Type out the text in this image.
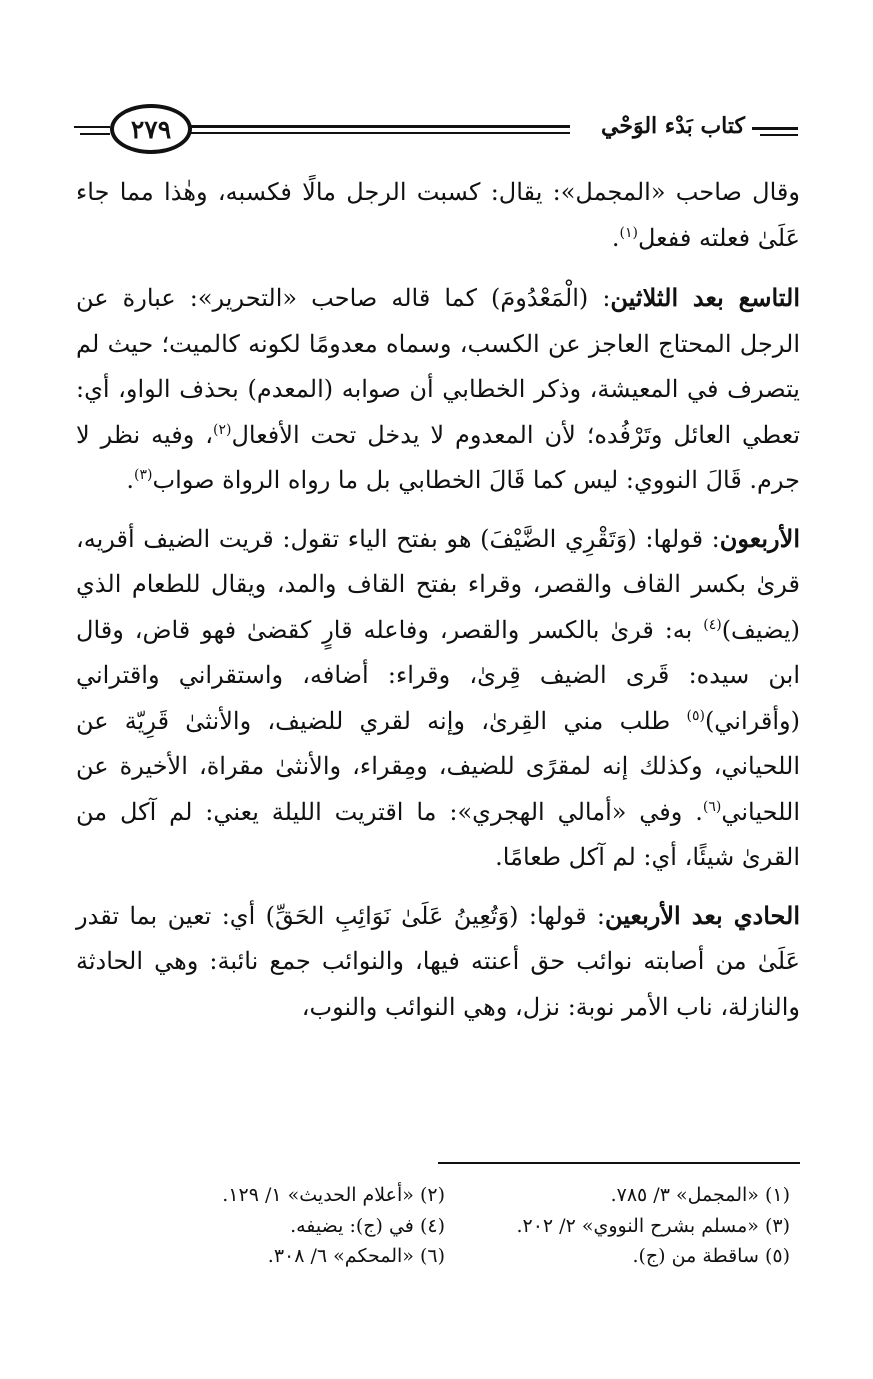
٢٧٩	كتاب بَدْء الوَحْي

وقال صاحب «المجمل»: يقال: كسبت الرجل مالًا فكسبه، وهٰذا مما جاء عَلَىٰ فعلته ففعل$^{(١)}$.

التاسع بعد الثلاثين: (الْمَعْدُومَ) كما قاله صاحب «التحرير»: عبارة عن الرجل المحتاج العاجز عن الكسب، وسماه معدومًا لكونه كالميت؛ حيث لم يتصرف في المعيشة، وذكر الخطابي أن صوابه (المعدم) بحذف الواو، أي: تعطي العائل وتَرْفُده؛ لأن المعدوم لا يدخل تحت الأفعال$^{(٢)}$، وفيه نظر لا جرم. قَالَ النووي: ليس كما قَالَ الخطابي بل ما رواه الرواة صواب$^{(٣)}$.

الأربعون: قولها: (وَتَقْرِي الضَّيْفَ) هو بفتح الياء تقول: قريت الضيف أقريه، قرىٰ بكسر القاف والقصر، وقراء بفتح القاف والمد، ويقال للطعام الذي (يضيف)$^{(٤)}$ به: قرىٰ بالكسر والقصر، وفاعله قارٍ كقضىٰ فهو قاض، وقال ابن سيده: قَرى الضيف قِرىٰ، وقراء: أضافه، واستقراني واقتراني (وأقراني)$^{(٥)}$ طلب مني القِرىٰ، وإنه لقري للضيف، والأنثىٰ قَرِيّة عن اللحياني، وكذلك إنه لمقرًى للضيف، ومِقراء، والأنثىٰ مقراة، الأخيرة عن اللحياني$^{(٦)}$. وفي «أمالي الهجري»: ما اقتريت الليلة يعني: لم آكل من القرىٰ شيئًا، أي: لم آكل طعامًا.

الحادي بعد الأربعين: قولها: (وَتُعِينُ عَلَىٰ نَوَائِبِ الحَقِّ) أي: تعين بما تقدر عَلَىٰ من أصابته نوائب حق أعنته فيها، والنوائب جمع نائبة: وهي الحادثة والنازلة، ناب الأمر نوبة: نزل، وهي النوائب والنوب،

(١) «المجمل» ٣/ ٧٨٥.
(٢) «أعلام الحديث» ١/ ١٢٩.
(٣) «مسلم بشرح النووي» ٢/ ٢٠٢.
(٤) في (ج): يضيفه.
(٥) ساقطة من (ج).
(٦) «المحكم» ٦/ ٣٠٨.
